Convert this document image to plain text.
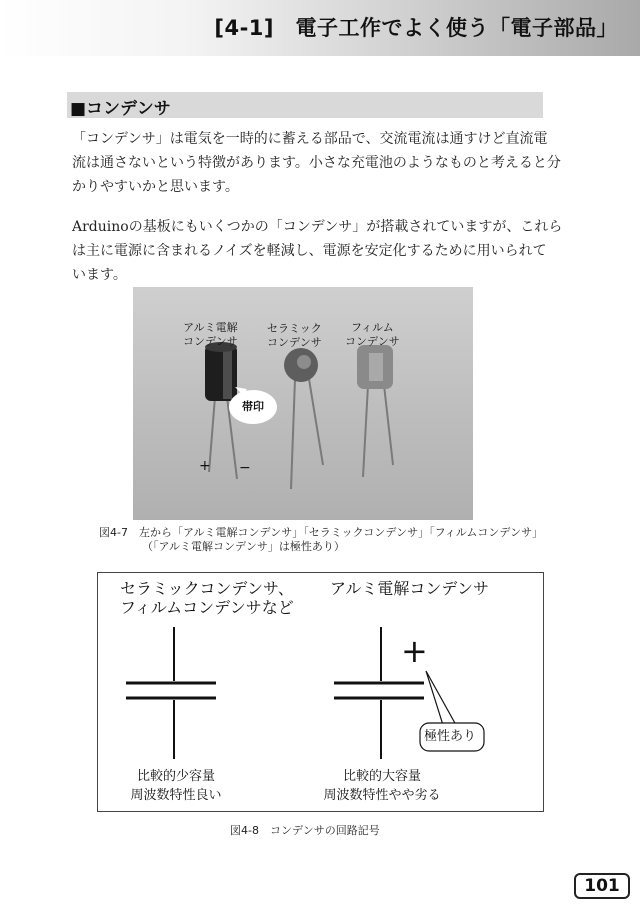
[4-1]　電子工作でよく使う「電子部品」
■コンデンサ
「コンデンサ」は電気を一時的に蓄える部品で、交流電流は通すけど直流電
流は通さないという特徴があります。小さな充電池のようなものと考えると分
かりやすいかと思います。
Arduinoの基板にもいくつかの「コンデンサ」が搭載されていますが、これら
は主に電源に含まれるノイズを軽減し、電源を安定化するために用いられて
います。
アルミ電解
コンデンサ
セラミック
コンデンサ
フィルム
コンデンサ
帯印
+ −
図4-7　左から「アルミ電解コンデンサ」「セラミックコンデンサ」「フィルムコンデンサ」
（「アルミ電解コンデンサ」は極性あり）
セラミックコンデンサ、
フィルムコンデンサなど
アルミ電解コンデンサ
+
極性あり
比較的少容量
周波数特性良い
比較的大容量
周波数特性やや劣る
図4-8　コンデンサの回路記号
101
